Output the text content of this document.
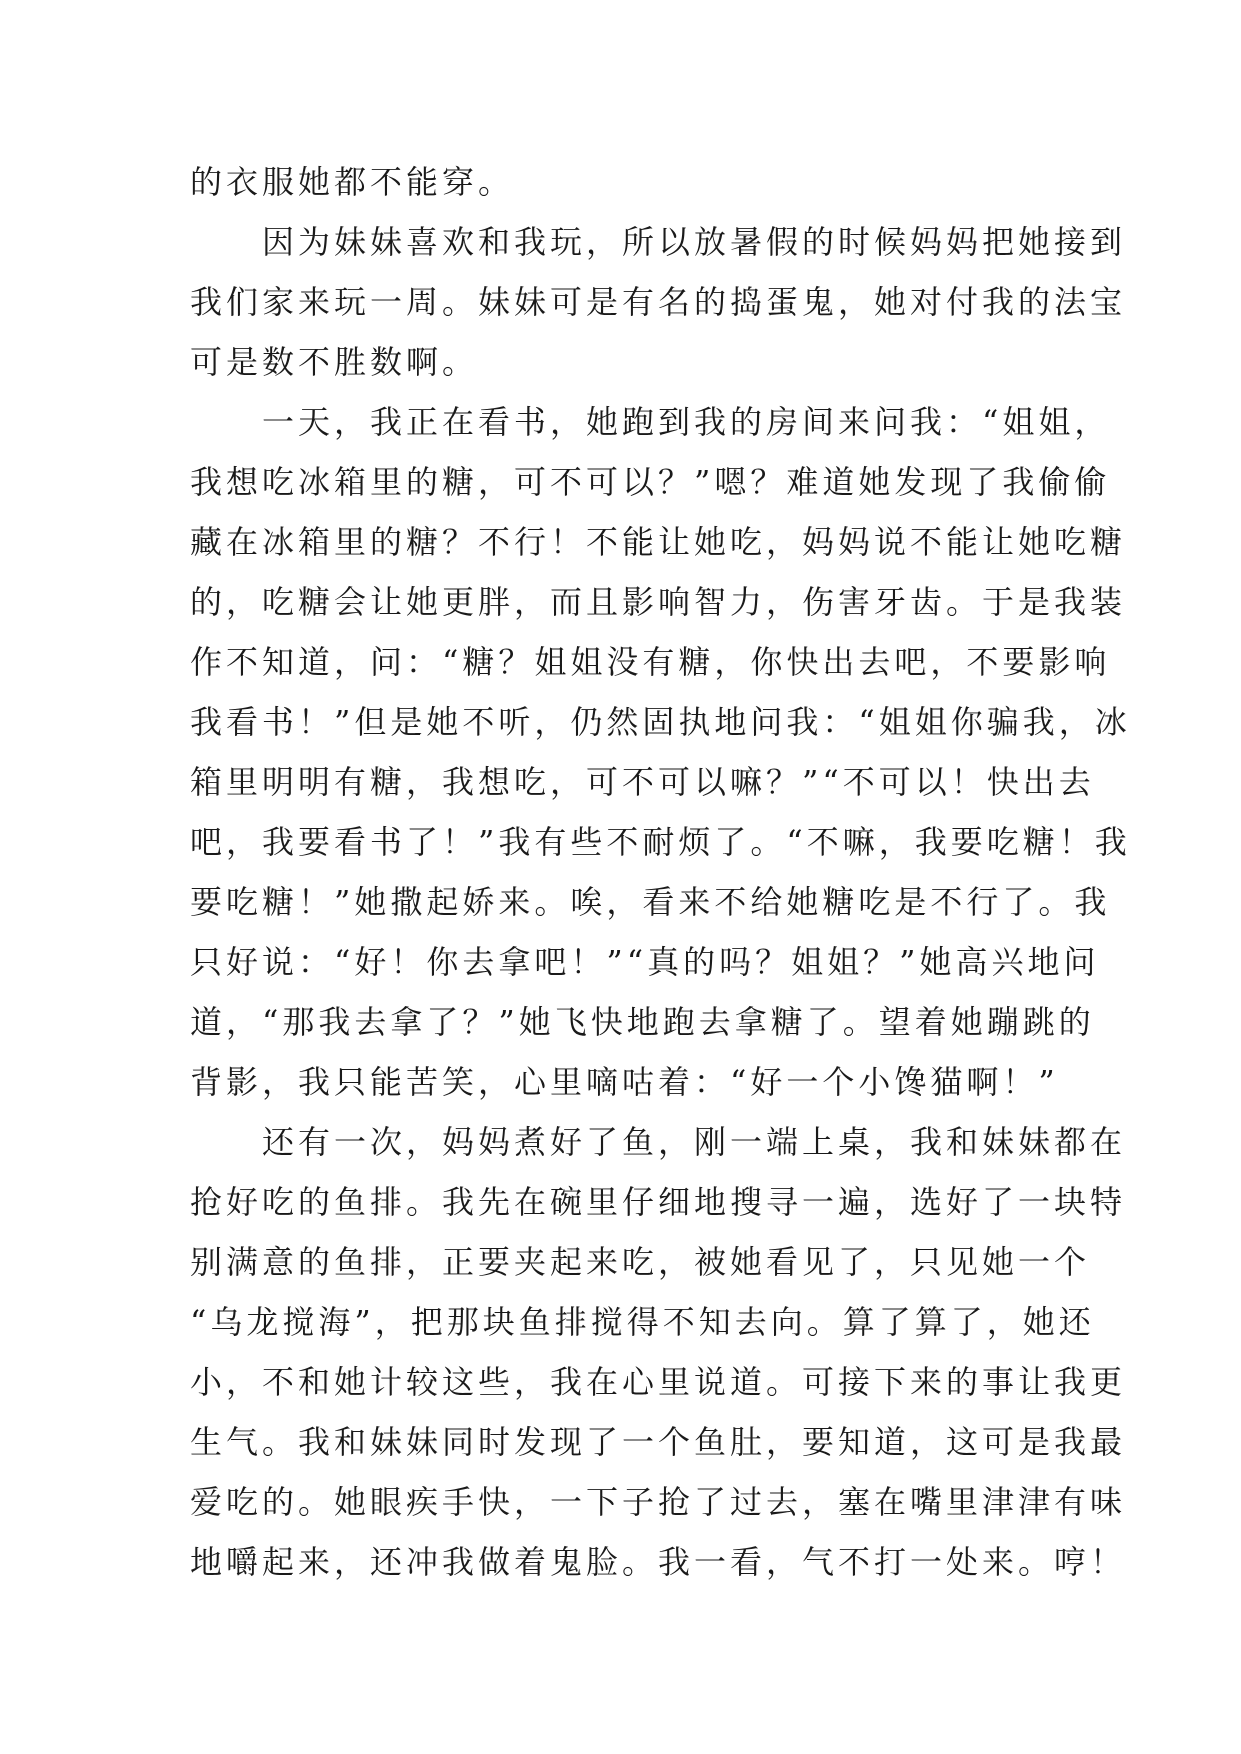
的衣服她都不能穿。
　　因为妹妹喜欢和我玩，所以放暑假的时候妈妈把她接到
我们家来玩一周。妹妹可是有名的捣蛋鬼，她对付我的法宝
可是数不胜数啊。
　　一天，我正在看书，她跑到我的房间来问我：“姐姐，
我想吃冰箱里的糖，可不可以？”嗯？难道她发现了我偷偷
藏在冰箱里的糖？不行！不能让她吃，妈妈说不能让她吃糖
的，吃糖会让她更胖，而且影响智力，伤害牙齿。于是我装
作不知道，问：“糖？姐姐没有糖，你快出去吧，不要影响
我看书！”但是她不听，仍然固执地问我：“姐姐你骗我，冰
箱里明明有糖，我想吃，可不可以嘛？”“不可以！快出去
吧，我要看书了！”我有些不耐烦了。“不嘛，我要吃糖！我
要吃糖！”她撒起娇来。唉，看来不给她糖吃是不行了。我
只好说：“好！你去拿吧！”“真的吗？姐姐？”她高兴地问
道，“那我去拿了？”她飞快地跑去拿糖了。望着她蹦跳的
背影，我只能苦笑，心里嘀咕着：“好一个小馋猫啊！”
　　还有一次，妈妈煮好了鱼，刚一端上桌，我和妹妹都在
抢好吃的鱼排。我先在碗里仔细地搜寻一遍，选好了一块特
别满意的鱼排，正要夹起来吃，被她看见了，只见她一个
“乌龙搅海”，把那块鱼排搅得不知去向。算了算了，她还
小，不和她计较这些，我在心里说道。可接下来的事让我更
生气。我和妹妹同时发现了一个鱼肚，要知道，这可是我最
爱吃的。她眼疾手快，一下子抢了过去，塞在嘴里津津有味
地嚼起来，还冲我做着鬼脸。我一看，气不打一处来。哼！
